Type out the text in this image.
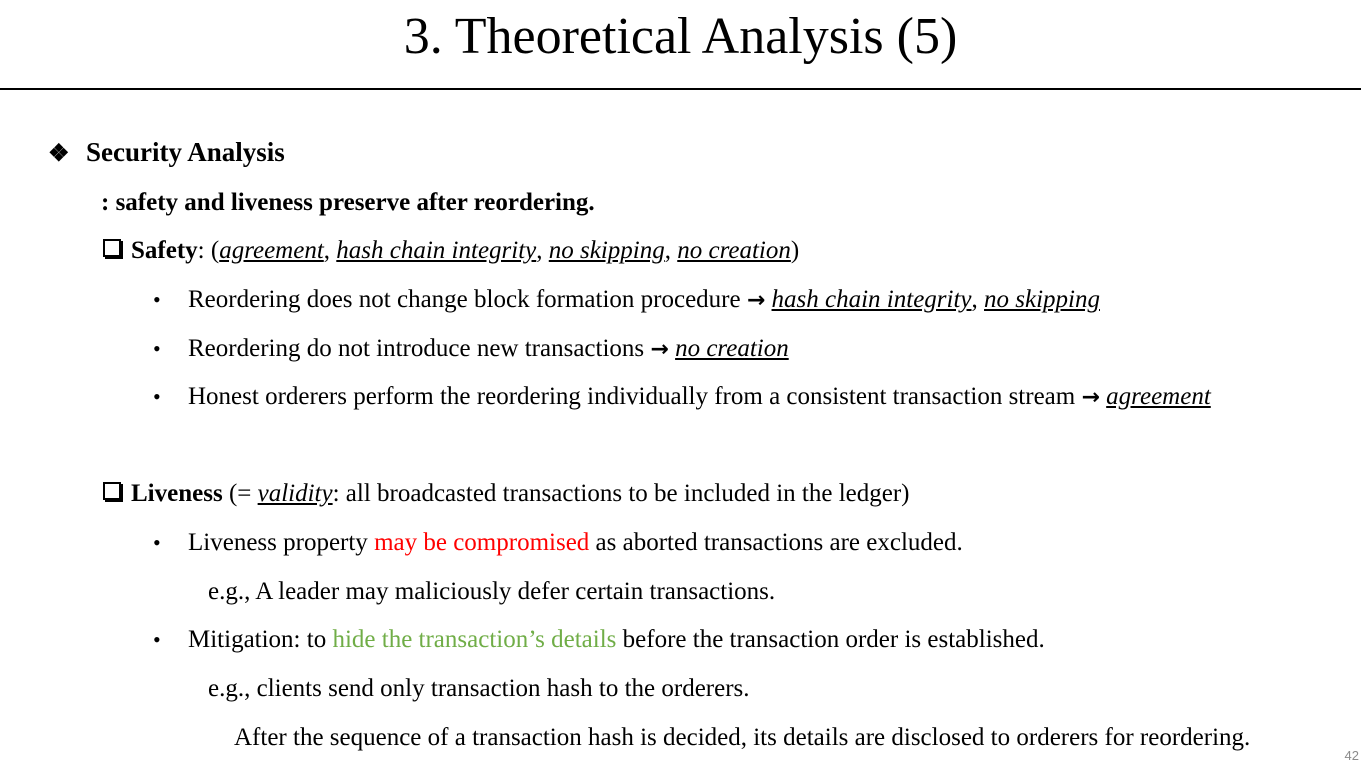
3. Theoretical Analysis (5)
❖ Security Analysis
: safety and liveness preserve after reordering.
Safety: (agreement, hash chain integrity, no skipping, no creation)
• Reordering does not change block formation procedure → hash chain integrity, no skipping
• Reordering do not introduce new transactions → no creation
• Honest orderers perform the reordering individually from a consistent transaction stream → agreement
Liveness (= validity: all broadcasted transactions to be included in the ledger)
• Liveness property may be compromised as aborted transactions are excluded.
e.g., A leader may maliciously defer certain transactions.
• Mitigation: to hide the transaction’s details before the transaction order is established.
e.g., clients send only transaction hash to the orderers.
After the sequence of a transaction hash is decided, its details are disclosed to orderers for reordering.
42
